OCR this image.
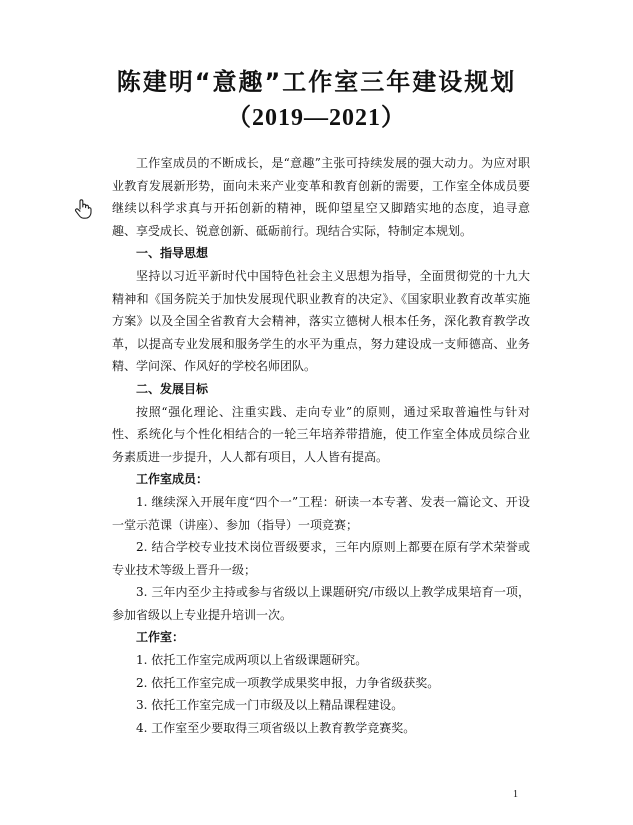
陈建明“意趣”工作室三年建设规划
（2019—2021）

工作室成员的不断成长，是“意趣”主张可持续发展的强大动力。为应对职业教育发展新形势，面向未来产业变革和教育创新的需要，工作室全体成员要继续以科学求真与开拓创新的精神，既仰望星空又脚踏实地的态度，追寻意趣、享受成长、锐意创新、砥砺前行。现结合实际，特制定本规划。

一、指导思想

坚持以习近平新时代中国特色社会主义思想为指导，全面贯彻党的十九大精神和《国务院关于加快发展现代职业教育的决定》、《国家职业教育改革实施方案》以及全国全省教育大会精神，落实立德树人根本任务，深化教育教学改革，以提高专业发展和服务学生的水平为重点，努力建设成一支师德高、业务精、学问深、作风好的学校名师团队。

二、发展目标

按照“强化理论、注重实践、走向专业”的原则，通过采取普遍性与针对性、系统化与个性化相结合的一轮三年培养带措施，使工作室全体成员综合业务素质进一步提升，人人都有项目，人人皆有提高。

工作室成员：

1. 继续深入开展年度“四个一”工程：研读一本专著、发表一篇论文、开设一堂示范课（讲座）、参加（指导）一项竞赛；

2. 结合学校专业技术岗位晋级要求，三年内原则上都要在原有学术荣誉或专业技术等级上晋升一级；

3. 三年内至少主持或参与省级以上课题研究/市级以上教学成果培育一项，参加省级以上专业提升培训一次。

工作室：

1. 依托工作室完成两项以上省级课题研究。

2. 依托工作室完成一项教学成果奖申报，力争省级获奖。

3. 依托工作室完成一门市级及以上精品课程建设。

4. 工作室至少要取得三项省级以上教育教学竞赛奖。

1
